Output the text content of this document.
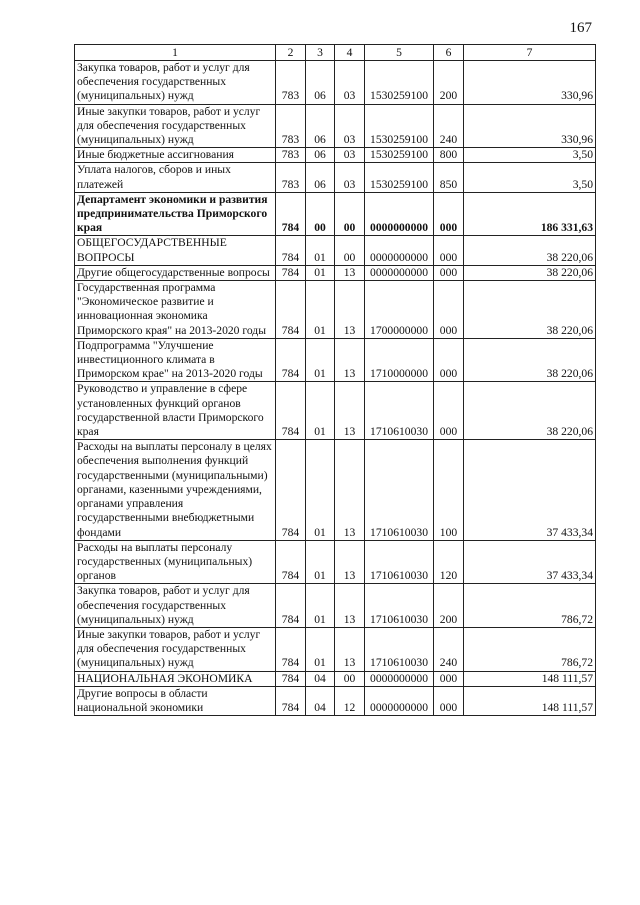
167
1	2	3	4	5	6	7
Закупка товаров, работ и услуг для обеспечения государственных (муниципальных) нужд	783	06	03	1530259100	200	330,96
Иные закупки товаров, работ и услуг для обеспечения государственных (муниципальных) нужд	783	06	03	1530259100	240	330,96
Иные бюджетные ассигнования	783	06	03	1530259100	800	3,50
Уплата налогов, сборов и иных платежей	783	06	03	1530259100	850	3,50
Департамент экономики и развития предпринимательства Приморского края	784	00	00	0000000000	000	186 331,63
ОБЩЕГОСУДАРСТВЕННЫЕ ВОПРОСЫ	784	01	00	0000000000	000	38 220,06
Другие общегосударственные вопросы	784	01	13	0000000000	000	38 220,06
Государственная программа "Экономическое развитие и инновационная экономика Приморского края" на 2013-2020 годы	784	01	13	1700000000	000	38 220,06
Подпрограмма "Улучшение инвестиционного климата в Приморском крае" на 2013-2020 годы	784	01	13	1710000000	000	38 220,06
Руководство и управление в сфере установленных функций органов государственной власти Приморского края	784	01	13	1710610030	000	38 220,06
Расходы на выплаты персоналу в целях обеспечения выполнения функций государственными (муниципальными) органами, казенными учреждениями, органами управления государственными внебюджетными фондами	784	01	13	1710610030	100	37 433,34
Расходы на выплаты персоналу государственных (муниципальных) органов	784	01	13	1710610030	120	37 433,34
Закупка товаров, работ и услуг для обеспечения государственных (муниципальных) нужд	784	01	13	1710610030	200	786,72
Иные закупки товаров, работ и услуг для обеспечения государственных (муниципальных) нужд	784	01	13	1710610030	240	786,72
НАЦИОНАЛЬНАЯ ЭКОНОМИКА	784	04	00	0000000000	000	148 111,57
Другие вопросы в области национальной экономики	784	04	12	0000000000	000	148 111,57
